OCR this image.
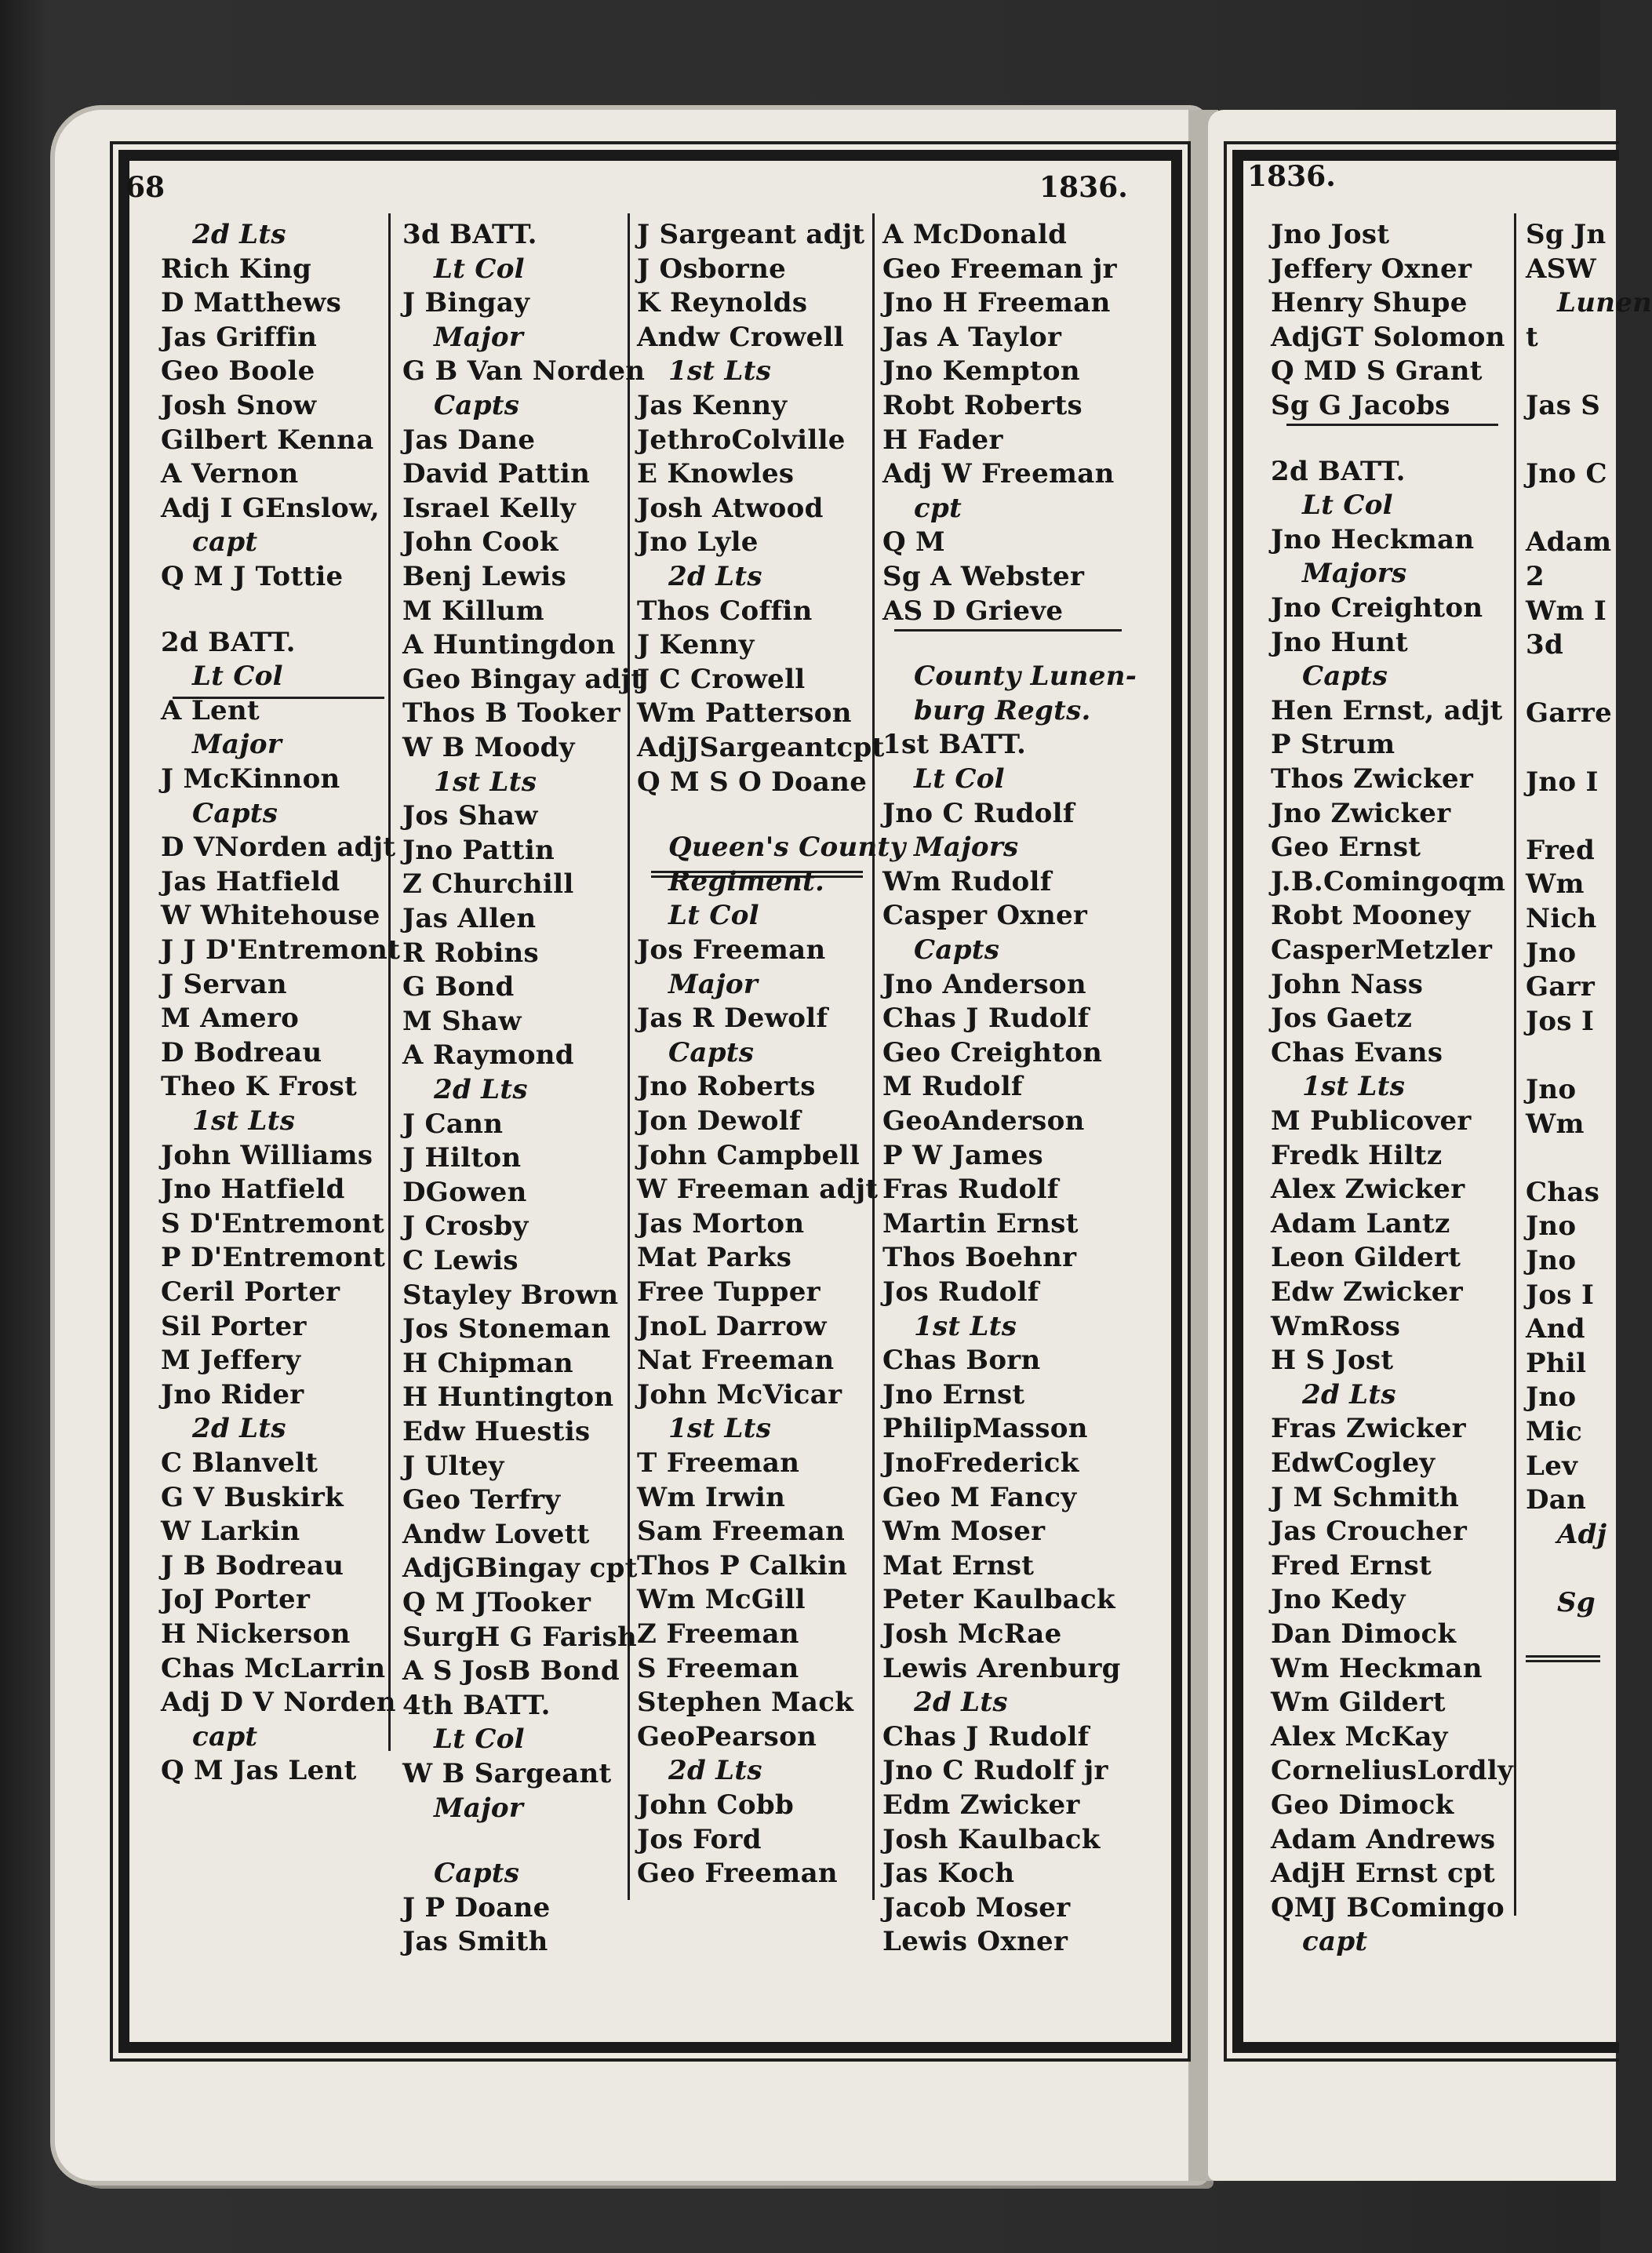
68	1836.	1836.
2d Lts
Rich King
D Matthews
Jas Griffin
Geo Boole
Josh Snow
Gilbert Kenna
A Vernon
Adj I GEnslow,
capt
Q M J Tottie
2d BATT.
Lt Col
A Lent
Major
J McKinnon
Capts
D VNorden adjt
Jas Hatfield
W Whitehouse
J J D'Entremont
J Servan
M Amero
D Bodreau
Theo K Frost
1st Lts
John Williams
Jno Hatfield
S D'Entremont
P D'Entremont
Ceril Porter
Sil Porter
M Jeffery
Jno Rider
2d Lts
C Blanvelt
G V Buskirk
W Larkin
J B Bodreau
JoJ Porter
H Nickerson
Chas McLarrin
Adj D V Norden
capt
Q M Jas Lent
3d BATT.
Lt Col
J Bingay
Major
G B Van Norden
Capts
Jas Dane
David Pattin
Israel Kelly
John Cook
Benj Lewis
M Killum
A Huntingdon
Geo Bingay adjt
Thos B Tooker
W B Moody
1st Lts
Jos Shaw
Jno Pattin
Z Churchill
Jas Allen
R Robins
G Bond
M Shaw
A Raymond
2d Lts
J Cann
J Hilton
DGowen
J Crosby
C Lewis
Stayley Brown
Jos Stoneman
H Chipman
H Huntington
Edw Huestis
J Ultey
Geo Terfry
Andw Lovett
AdjGBingay cpt
Q M JTooker
SurgH G Farish
A S JosB Bond
4th BATT.
Lt Col
W B Sargeant
Major
Capts
J P Doane
Jas Smith
J Sargeant adjt
J Osborne
K Reynolds
Andw Crowell
1st Lts
Jas Kenny
JethroColville
E Knowles
Josh Atwood
Jno Lyle
2d Lts
Thos Coffin
J Kenny
J C Crowell
Wm Patterson
AdjJSargeantcpt
Q M S O Doane
Queen's County
Regiment.
Lt Col
Jos Freeman
Major
Jas R Dewolf
Capts
Jno Roberts
Jon Dewolf
John Campbell
W Freeman adjt
Jas Morton
Mat Parks
Free Tupper
JnoL Darrow
Nat Freeman
John McVicar
1st Lts
T Freeman
Wm Irwin
Sam Freeman
Thos P Calkin
Wm McGill
Z Freeman
S Freeman
Stephen Mack
GeoPearson
2d Lts
John Cobb
Jos Ford
Geo Freeman
A McDonald
Geo Freeman jr
Jno H Freeman
Jas A Taylor
Jno Kempton
Robt Roberts
H Fader
Adj W Freeman
cpt
Q M
Sg A Webster
AS D Grieve
County Lunen-
burg Regts.
1st BATT.
Lt Col
Jno C Rudolf
Majors
Wm Rudolf
Casper Oxner
Capts
Jno Anderson
Chas J Rudolf
Geo Creighton
M Rudolf
GeoAnderson
P W James
Fras Rudolf
Martin Ernst
Thos Boehnr
Jos Rudolf
1st Lts
Chas Born
Jno Ernst
PhilipMasson
JnoFrederick
Geo M Fancy
Wm Moser
Mat Ernst
Peter Kaulback
Josh McRae
Lewis Arenburg
2d Lts
Chas J Rudolf
Jno C Rudolf jr
Edm Zwicker
Josh Kaulback
Jas Koch
Jacob Moser
Lewis Oxner
Jno Jost
Jeffery Oxner
Henry Shupe
AdjGT Solomon
Q MD S Grant
Sg G Jacobs
2d BATT.
Lt Col
Jno Heckman
Majors
Jno Creighton
Jno Hunt
Capts
Hen Ernst, adjt
P Strum
Thos Zwicker
Jno Zwicker
Geo Ernst
J.B.Comingoqm
Robt Mooney
CasperMetzler
John Nass
Jos Gaetz
Chas Evans
1st Lts
M Publicover
Fredk Hiltz
Alex Zwicker
Adam Lantz
Leon Gildert
Edw Zwicker
WmRoss
H S Jost
2d Lts
Fras Zwicker
EdwCogley
J M Schmith
Jas Croucher
Fred Ernst
Jno Kedy
Dan Dimock
Wm Heckman
Wm Gildert
Alex McKay
CorneliusLordly
Geo Dimock
Adam Andrews
AdjH Ernst cpt
QMJ BComingo
capt
Sg Jn
ASW
Lunen
t
Jas S
Jno C
Adam
2
Wm I
3d
Garre
Jno I
Fred
Wm
Nich
Jno
Garr
Jos I
Jno
Wm
Chas
Jno
Jno
Jos I
And
Phil
Jno
Mic
Lev
Dan
Adj
Sg
